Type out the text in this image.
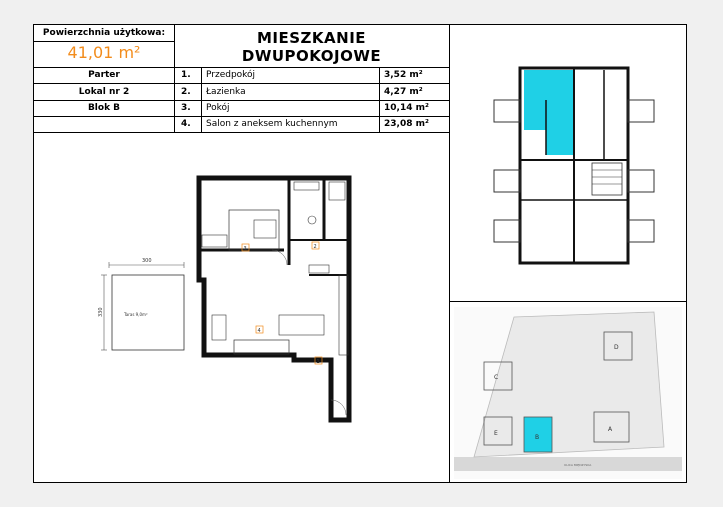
Powierzchnia użytkowa:
41,01 m²
MIESZKANIE
DWUPOKOJOWE
Parter
Lokal nr 2
Blok B
1. Przedpokój	3,52 m²
2. Łazienka	4,27 m²
3. Pokój	10,14 m²
4. Salon z aneksem kuchennym	23,08 m²
300
330	Taras 9,0m²
1
2
3
4
C
D
E
B
A
ULICA MIĘDZYSKA
